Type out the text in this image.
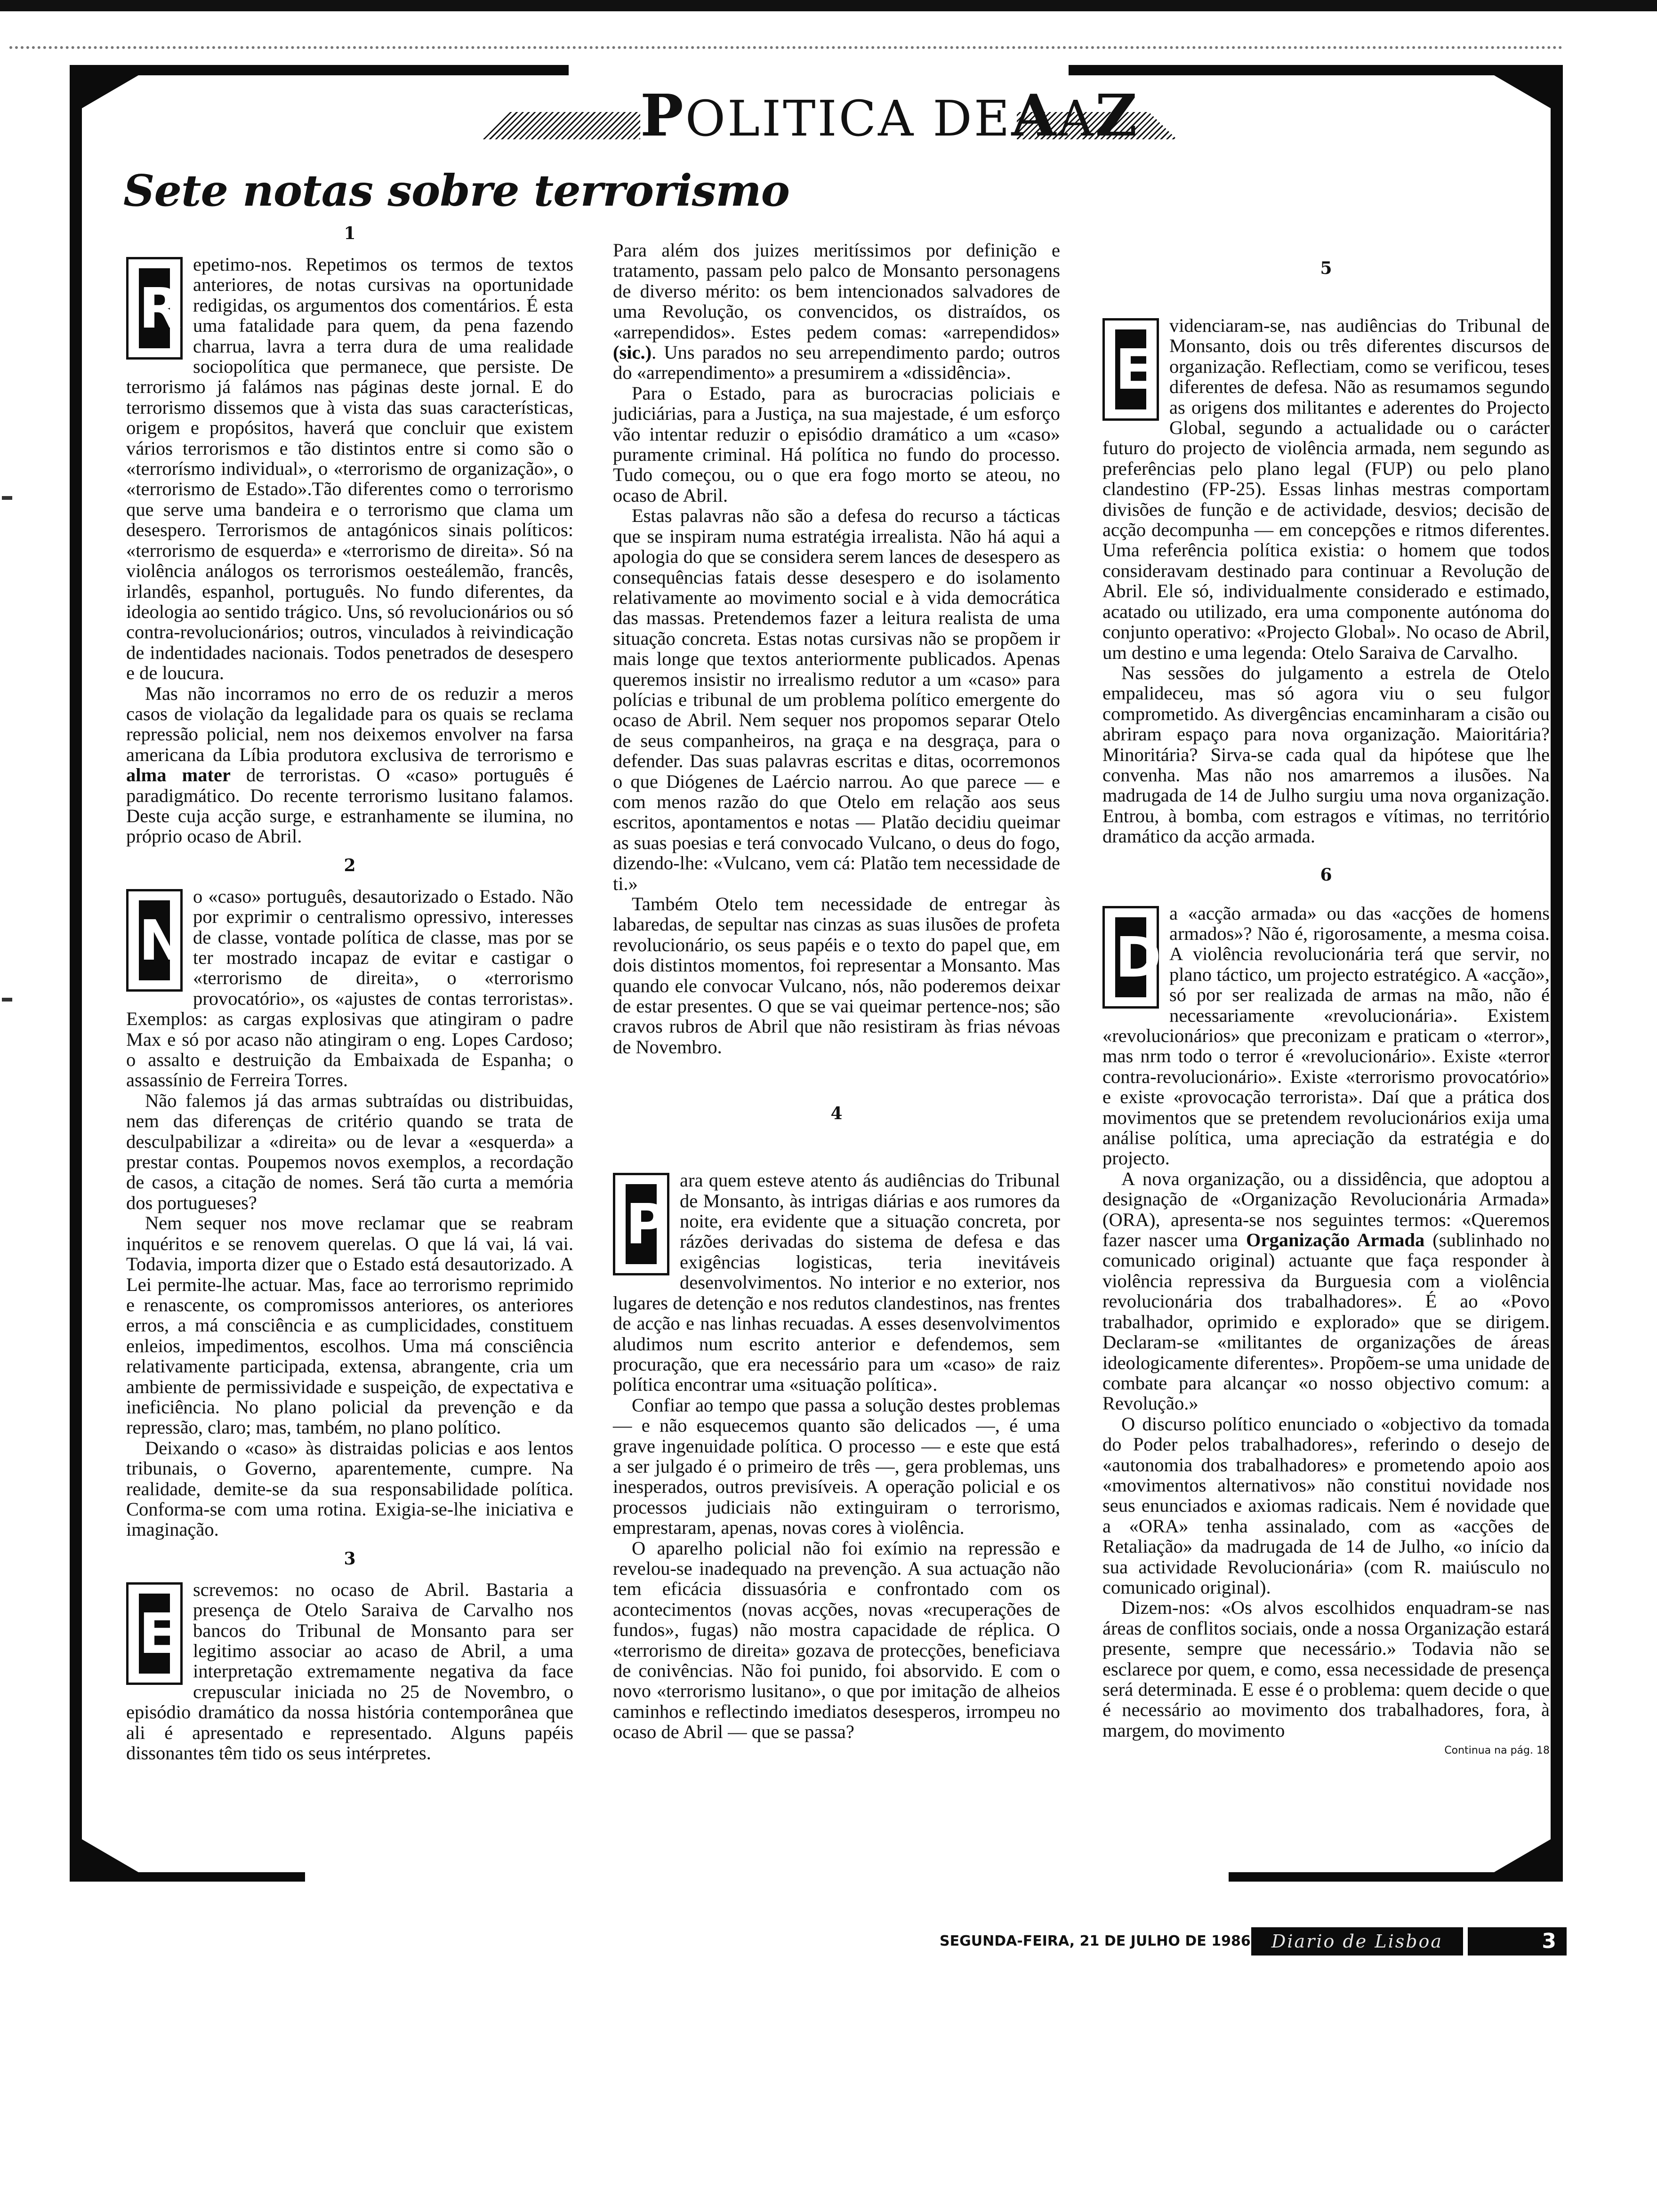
POLITICA DEAAZ
Sete notas sobre terrorismo
1

R
epetimo-nos. Repetimos os termos de textos anteriores, de notas cursivas na oportunidade redigidas, os argumentos dos comentários. É esta uma fatalidade para quem, da pena fazendo charrua, lavra a terra dura de uma realidade sociopolítica que permanece, que persiste. De terrorismo já falámos nas páginas deste jornal. E do terrorismo dissemos que à vista das suas características, origem e propósitos, haverá que concluir que existem vários terrorismos e tão distintos entre si como são o «terrorísmo individual», o «terrorismo de organização», o «terrorismo de Estado».Tão diferentes como o terrorismo que serve uma bandeira e o terrorismo que clama um desespero. Terrorismos de antagónicos sinais políticos: «terrorismo de esquerda» e «terrorismo de direita». Só na violência análogos os terrorismos oesteálemão, francês, irlandês, espanhol, português. No fundo diferentes, da ideologia ao sentido trágico. Uns, só revolucionários ou só contra-revolucionários; outros, vinculados à reivindicação de indentidades nacionais. Todos penetrados de desespero e de loucura.

Mas não incorramos no erro de os reduzir a meros casos de violação da legalidade para os quais se reclama repressão policial, nem nos deixemos envolver na farsa americana da Líbia produtora exclusiva de terrorismo e alma mater de terroristas. O «caso» português é paradigmático. Do recente terrorismo lusitano falamos. Deste cuja acção surge, e estranhamente se ilumina, no próprio ocaso de Abril.

2

N
o «caso» português, desautorizado o Estado. Não por exprimir o centralismo opressivo, interesses de classe, vontade política de classe, mas por se ter mostrado incapaz de evitar e castigar o «terrorismo de direita», o «terrorismo provocatório», os «ajustes de contas terroristas». Exemplos: as cargas explosivas que atingiram o padre Max e só por acaso não atingiram o eng. Lopes Cardoso; o assalto e destruição da Embaixada de Espanha; o assassínio de Ferreira Torres.

Não falemos já das armas subtraídas ou distribuidas, nem das diferenças de critério quando se trata de desculpabilizar a «direita» ou de levar a «esquerda» a prestar contas. Poupemos novos exemplos, a recordação de casos, a citação de nomes. Será tão curta a memória dos portugueses?

Nem sequer nos move reclamar que se reabram inquéritos e se renovem querelas. O que lá vai, lá vai. Todavia, importa dizer que o Estado está desautorizado. A Lei permite-lhe actuar. Mas, face ao terrorismo reprimido e renascente, os compromissos anteriores, os anteriores erros, a má consciência e as cumplicidades, constituem enleios, impedimentos, escolhos. Uma má consciência relativamente participada, extensa, abrangente, cria um ambiente de permissividade e suspeição, de expectativa e ineficiência. No plano policial da prevenção e da repressão, claro; mas, também, no plano político.

Deixando o «caso» às distraidas policias e aos lentos tribunais, o Governo, aparentemente, cumpre. Na realidade, demite-se da sua responsabilidade política. Conforma-se com uma rotina. Exigia-se-lhe iniciativa e imaginação.

3

E
screvemos: no ocaso de Abril. Bastaria a presença de Otelo Saraiva de Carvalho nos bancos do Tribunal de Monsanto para ser legitimo associar ao acaso de Abril, a uma interpretação extremamente negativa da face crepuscular iniciada no 25 de Novembro, o episódio dramático da nossa história contemporânea que ali é apresentado e representado. Alguns papéis dissonantes têm tido os seus intérpretes.

Para além dos juizes meritíssimos por definição e tratamento, passam pelo palco de Monsanto personagens de diverso mérito: os bem intencionados salvadores de uma Revolução, os convencidos, os distraídos, os «arrependidos». Estes pedem comas: «arrependidos» (sic.). Uns parados no seu arrependimento pardo; outros do «arrependimento» a presumirem a «dissidência».

Para o Estado, para as burocracias policiais e judiciárias, para a Justiça, na sua majestade, é um esforço vão intentar reduzir o episódio dramático a um «caso» puramente criminal. Há política no fundo do processo. Tudo começou, ou o que era fogo morto se ateou, no ocaso de Abril.

Estas palavras não são a defesa do recurso a tácticas que se inspiram numa estratégia irrealista. Não há aqui a apologia do que se considera serem lances de desespero as consequências fatais desse desespero e do isolamento relativamente ao movimento social e à vida democrática das massas. Pretendemos fazer a leitura realista de uma situação concreta. Estas notas cursivas não se propõem ir mais longe que textos anteriormente publicados. Apenas queremos insistir no irrealismo redutor a um «caso» para polícias e tribunal de um problema político emergente do ocaso de Abril. Nem sequer nos propomos separar Otelo de seus companheiros, na graça e na desgraça, para o defender. Das suas palavras escritas e ditas, ocorremonos o que Diógenes de Laércio narrou. Ao que parece — e com menos razão do que Otelo em relação aos seus escritos, apontamentos e notas — Platão decidiu queimar as suas poesias e terá convocado Vulcano, o deus do fogo, dizendo-lhe: «Vulcano, vem cá: Platão tem necessidade de ti.»

Também Otelo tem necessidade de entregar às labaredas, de sepultar nas cinzas as suas ilusões de profeta revolucionário, os seus papéis e o texto do papel que, em dois distintos momentos, foi representar a Monsanto. Mas quando ele convocar Vulcano, nós, não poderemos deixar de estar presentes. O que se vai queimar pertence-nos; são cravos rubros de Abril que não resistiram às frias névoas de Novembro.

4

P
ara quem esteve atento ás audiências do Tribunal de Monsanto, às intrigas diárias e aos rumores da noite, era evidente que a situação concreta, por rázões derivadas do sistema de defesa e das exigências logisticas, teria inevitáveis desenvolvimentos. No interior e no exterior, nos lugares de detenção e nos redutos clandestinos, nas frentes de acção e nas linhas recuadas. A esses desenvolvimentos aludimos num escrito anterior e defendemos, sem procuração, que era necessário para um «caso» de raiz política encontrar uma «situação política».

Confiar ao tempo que passa a solução destes problemas — e não esquecemos quanto são delicados —, é uma grave ingenuidade política. O processo — e este que está a ser julgado é o primeiro de três —, gera problemas, uns inesperados, outros previsíveis. A operação policial e os processos judiciais não extinguiram o terrorismo, emprestaram, apenas, novas cores à violência.

O aparelho policial não foi exímio na repressão e revelou-se inadequado na prevenção. A sua actuação não tem eficácia dissuasória e confrontado com os acontecimentos (novas acções, novas «recuperações de fundos», fugas) não mostra capacidade de réplica. O «terrorismo de direita» gozava de protecções, beneficiava de conivências. Não foi punido, foi absorvido. E com o novo «terrorismo lusitano», o que por imitação de alheios caminhos e reflectindo imediatos desesperos, irrompeu no ocaso de Abril — que se passa?

5

E
videnciaram-se, nas audiências do Tribunal de Monsanto, dois ou três diferentes discursos de organização. Reflectiam, como se verificou, teses diferentes de defesa. Não as resumamos segundo as origens dos militantes e aderentes do Projecto Global, segundo a actualidade ou o carácter futuro do projecto de violência armada, nem segundo as preferências pelo plano legal (FUP) ou pelo plano clandestino (FP-25). Essas linhas mestras comportam divisões de função e de actividade, desvios; decisão de acção decompunha — em concepções e ritmos diferentes. Uma referência política existia: o homem que todos consideravam destinado para continuar a Revolução de Abril. Ele só, individualmente considerado e estimado, acatado ou utilizado, era uma componente autónoma do conjunto operativo: «Projecto Global». No ocaso de Abril, um destino e uma legenda: Otelo Saraiva de Carvalho.

Nas sessões do julgamento a estrela de Otelo empalideceu, mas só agora viu o seu fulgor comprometido. As divergências encaminharam a cisão ou abriram espaço para nova organização. Maioritária? Minoritária? Sirva-se cada qual da hipótese que lhe convenha. Mas não nos amarremos a ilusões. Na madrugada de 14 de Julho surgiu uma nova organização. Entrou, à bomba, com estragos e vítimas, no território dramático da acção armada.

6

D
a «acção armada» ou das «acções de homens armados»? Não é, rigorosamente, a mesma coisa. A violência revolucionária terá que servir, no plano táctico, um projecto estratégico. A «acção», só por ser realizada de armas na mão, não é necessariamente «revolucionária». Existem «revolucionários» que preconizam e praticam o «terror», mas nrm todo o terror é «revolucionário». Existe «terror contra-revolucionário». Existe «terrorismo provocatório» e existe «provocação terrorista». Daí que a prática dos movimentos que se pretendem revolucionários exija uma análise política, uma apreciação da estratégia e do projecto.

A nova organização, ou a dissidência, que adoptou a designação de «Organização Revolucionária Armada» (ORA), apresenta-se nos seguintes termos: «Queremos fazer nascer uma Organização Armada (sublinhado no comunicado original) actuante que faça responder à violência repressiva da Burguesia com a violência revolucionária dos trabalhadores». É ao «Povo trabalhador, oprimido e explorado» que se dirigem. Declaram-se «militantes de organizações de áreas ideologicamente diferentes». Propõem-se uma unidade de combate para alcançar «o nosso objectivo comum: a Revolução.»

O discurso político enunciado o «objectivo da tomada do Poder pelos trabalhadores», referindo o desejo de «autonomia dos trabalhadores» e prometendo apoio aos «movimentos alternativos» não constitui novidade nos seus enunciados e axiomas radicais. Nem é novidade que a «ORA» tenha assinalado, com as «acções de Retaliação» da madrugada de 14 de Julho, «o início da sua actividade Revolucionária» (com R. maiúsculo no comunicado original).

Dizem-nos: «Os alvos escolhidos enquadram-se nas áreas de conflitos sociais, onde a nossa Organização estará presente, sempre que necessário.» Todavia não se esclarece por quem, e como, essa necessidade de presença será determinada. E esse é o problema: quem decide o que é necessário ao movimento dos trabalhadores, fora, à margem, do movimento

Continua na pág. 18
SEGUNDA-FEIRA, 21 DE JULHO DE 1986	Diario de Lisboa	3
